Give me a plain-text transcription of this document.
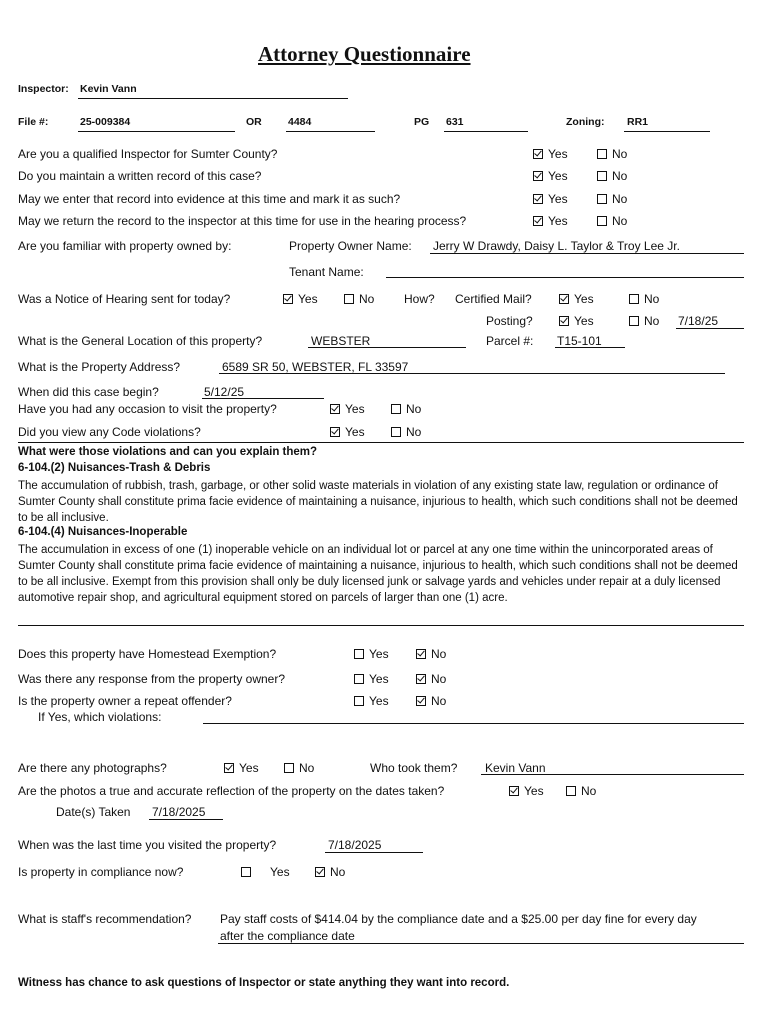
Attorney Questionnaire
Inspector: Kevin Vann
File #:	25-009384	OR	4484	PG 631	Zoning: RR1
Are you a qualified Inspector for Sumter County?	Yes	No
Do you maintain a written record of this case?	Yes	No
May we enter that record into evidence at this time and mark it as such?	Yes	No
May we return the record to the inspector at this time for use in the hearing process?	Yes	No
Are you familiar with property owned by:	Property Owner Name: Jerry W Drawdy, Daisy L. Taylor & Troy Lee Jr.
Tenant Name:
Was a Notice of Hearing sent for today?	Yes	No How? Certified Mail?	Yes	No
Posting?	Yes	No 7/18/25
What is the General Location of this property?	WEBSTER	Parcel #: T15-101
What is the Property Address?	6589 SR 50, WEBSTER, FL 33597
When did this case begin?	5/12/25
Have you had any occasion to visit the property?	Yes	No
Did you view any Code violations?	Yes	No
What were those violations and can you explain them?
6-104.(2) Nuisances-Trash & Debris
The accumulation of rubbish, trash, garbage, or other solid waste materials in violation of any existing state law, regulation or ordinance of Sumter County shall constitute prima facie evidence of maintaining a nuisance, injurious to health, which such conditions shall not be deemed to be all inclusive.
6-104.(4) Nuisances-Inoperable
The accumulation in excess of one (1) inoperable vehicle on an individual lot or parcel at any one time within the unincorporated areas of Sumter County shall constitute prima facie evidence of maintaining a nuisance, injurious to health, which such conditions shall not be deemed to be all inclusive. Exempt from this provision shall only be duly licensed junk or salvage yards and vehicles under repair at a duly licensed automotive repair shop, and agricultural equipment stored on parcels of larger than one (1) acre.
Does this property have Homestead Exemption?	Yes	No
Was there any response from the property owner?	Yes	No
Is the property owner a repeat offender?	Yes	No
If Yes, which violations:
Are there any photographs?	Yes	No	Who took them? Kevin Vann
Are the photos a true and accurate reflection of the property on the dates taken?	Yes	No
Date(s) Taken 7/18/2025
When was the last time you visited the property?	7/18/2025
Is property in compliance now?	Yes	No
What is staff's recommendation? Pay staff costs of $414.04 by the compliance date and a $25.00 per day fine for every day
after the compliance date
Witness has chance to ask questions of Inspector or state anything they want into record.
